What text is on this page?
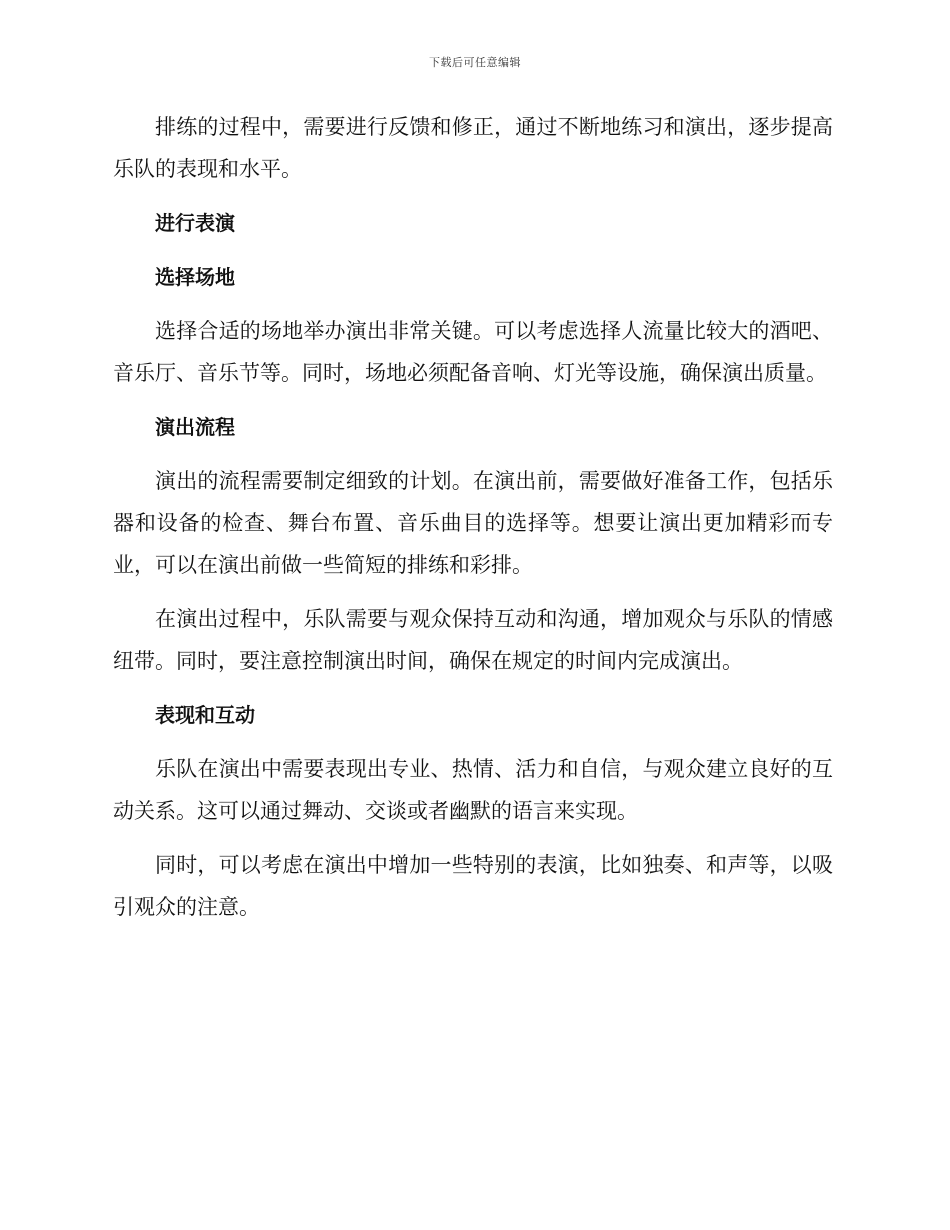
下载后可任意编辑

排练的过程中，需要进行反馈和修正，通过不断地练习和演出，逐步提高乐队的表现和水平。

进行表演
选择场地

选择合适的场地举办演出非常关键。可以考虑选择人流量比较大的酒吧、音乐厅、音乐节等。同时，场地必须配备音响、灯光等设施，确保演出质量。

演出流程

演出的流程需要制定细致的计划。在演出前，需要做好准备工作，包括乐器和设备的检查、舞台布置、音乐曲目的选择等。想要让演出更加精彩而专业，可以在演出前做一些简短的排练和彩排。

在演出过程中，乐队需要与观众保持互动和沟通，增加观众与乐队的情感纽带。同时，要注意控制演出时间，确保在规定的时间内完成演出。

表现和互动

乐队在演出中需要表现出专业、热情、活力和自信，与观众建立良好的互动关系。这可以通过舞动、交谈或者幽默的语言来实现。

同时，可以考虑在演出中增加一些特别的表演，比如独奏、和声等，以吸引观众的注意。
